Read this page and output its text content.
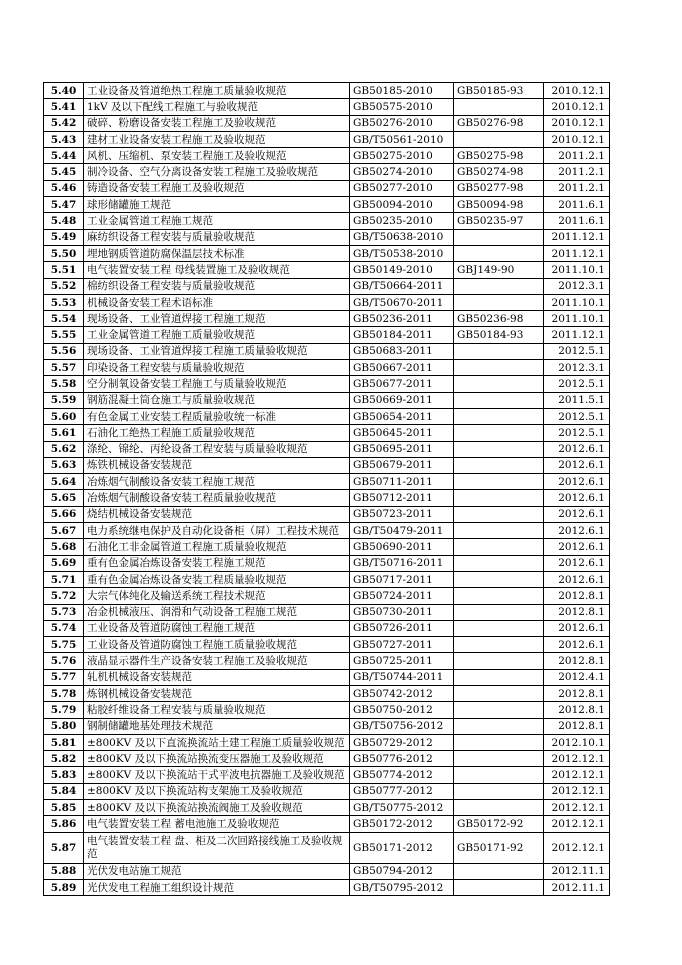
5.40	工业设备及管道绝热工程施工质量验收规范	GB50185-2010	GB50185-93	2010.12.1
5.41	1kV 及以下配线工程施工与验收规范	GB50575-2010		2010.12.1
5.42	破碎、粉磨设备安装工程施工及验收规范	GB50276-2010	GB50276-98	2010.12.1
5.43	建材工业设备安装工程施工及验收规范	GB/T50561-2010		2010.12.1
5.44	风机、压缩机、泵安装工程施工及验收规范	GB50275-2010	GB50275-98	2011.2.1
5.45	制冷设备、空气分离设备安装工程施工及验收规范	GB50274-2010	GB50274-98	2011.2.1
5.46	铸造设备安装工程施工及验收规范	GB50277-2010	GB50277-98	2011.2.1
5.47	球形储罐施工规范	GB50094-2010	GB50094-98	2011.6.1
5.48	工业金属管道工程施工规范	GB50235-2010	GB50235-97	2011.6.1
5.49	麻纺织设备工程安装与质量验收规范	GB/T50638-2010		2011.12.1
5.50	埋地钢质管道防腐保温层技术标准	GB/T50538-2010		2011.12.1
5.51	电气装置安装工程 母线装置施工及验收规范	GB50149-2010	GBJ149-90	2011.10.1
5.52	棉纺织设备工程安装与质量验收规范	GB/T50664-2011		2012.3.1
5.53	机械设备安装工程术语标准	GB/T50670-2011		2011.10.1
5.54	现场设备、工业管道焊接工程施工规范	GB50236-2011	GB50236-98	2011.10.1
5.55	工业金属管道工程施工质量验收规范	GB50184-2011	GB50184-93	2011.12.1
5.56	现场设备、工业管道焊接工程施工质量验收规范	GB50683-2011		2012.5.1
5.57	印染设备工程安装与质量验收规范	GB50667-2011		2012.3.1
5.58	空分制氧设备安装工程施工与质量验收规范	GB50677-2011		2012.5.1
5.59	钢筋混凝土筒仓施工与质量验收规范	GB50669-2011		2011.5.1
5.60	有色金属工业安装工程质量验收统一标准	GB50654-2011		2012.5.1
5.61	石油化工绝热工程施工质量验收规范	GB50645-2011		2012.5.1
5.62	涤纶、锦纶、丙纶设备工程安装与质量验收规范	GB50695-2011		2012.6.1
5.63	炼铁机械设备安装规范	GB50679-2011		2012.6.1
5.64	冶炼烟气制酸设备安装工程施工规范	GB50711-2011		2012.6.1
5.65	冶炼烟气制酸设备安装工程质量验收规范	GB50712-2011		2012.6.1
5.66	烧结机械设备安装规范	GB50723-2011		2012.6.1
5.67	电力系统继电保护及自动化设备柜（屏）工程技术规范	GB/T50479-2011		2012.6.1
5.68	石油化工非金属管道工程施工质量验收规范	GB50690-2011		2012.6.1
5.69	重有色金属冶炼设备安装工程施工规范	GB/T50716-2011		2012.6.1
5.71	重有色金属冶炼设备安装工程质量验收规范	GB50717-2011		2012.6.1
5.72	大宗气体纯化及输送系统工程技术规范	GB50724-2011		2012.8.1
5.73	冶金机械液压、润滑和气动设备工程施工规范	GB50730-2011		2012.8.1
5.74	工业设备及管道防腐蚀工程施工规范	GB50726-2011		2012.6.1
5.75	工业设备及管道防腐蚀工程施工质量验收规范	GB50727-2011		2012.6.1
5.76	液晶显示器件生产设备安装工程施工及验收规范	GB50725-2011		2012.8.1
5.77	轧机机械设备安装规范	GB/T50744-2011		2012.4.1
5.78	炼钢机械设备安装规范	GB50742-2012		2012.8.1
5.79	粘胶纤维设备工程安装与质量验收规范	GB50750-2012		2012.8.1
5.80	钢制储罐地基处理技术规范	GB/T50756-2012		2012.8.1
5.81	±800KV 及以下直流换流站土建工程施工质量验收规范	GB50729-2012		2012.10.1
5.82	±800KV 及以下换流站换流变压器施工及验收规范	GB50776-2012		2012.12.1
5.83	±800KV 及以下换流站干式平波电抗器施工及验收规范	GB50774-2012		2012.12.1
5.84	±800KV 及以下换流站构支架施工及验收规范	GB50777-2012		2012.12.1
5.85	±800KV 及以下换流站换流阀施工及验收规范	GB/T50775-2012		2012.12.1
5.86	电气装置安装工程 蓄电池施工及验收规范	GB50172-2012	GB50172-92	2012.12.1
5.87	电气装置安装工程 盘、柜及二次回路接线施工及验收规范	GB50171-2012	GB50171-92	2012.12.1
5.88	光伏发电站施工规范	GB50794-2012		2012.11.1
5.89	光伏发电工程施工组织设计规范	GB/T50795-2012		2012.11.1
